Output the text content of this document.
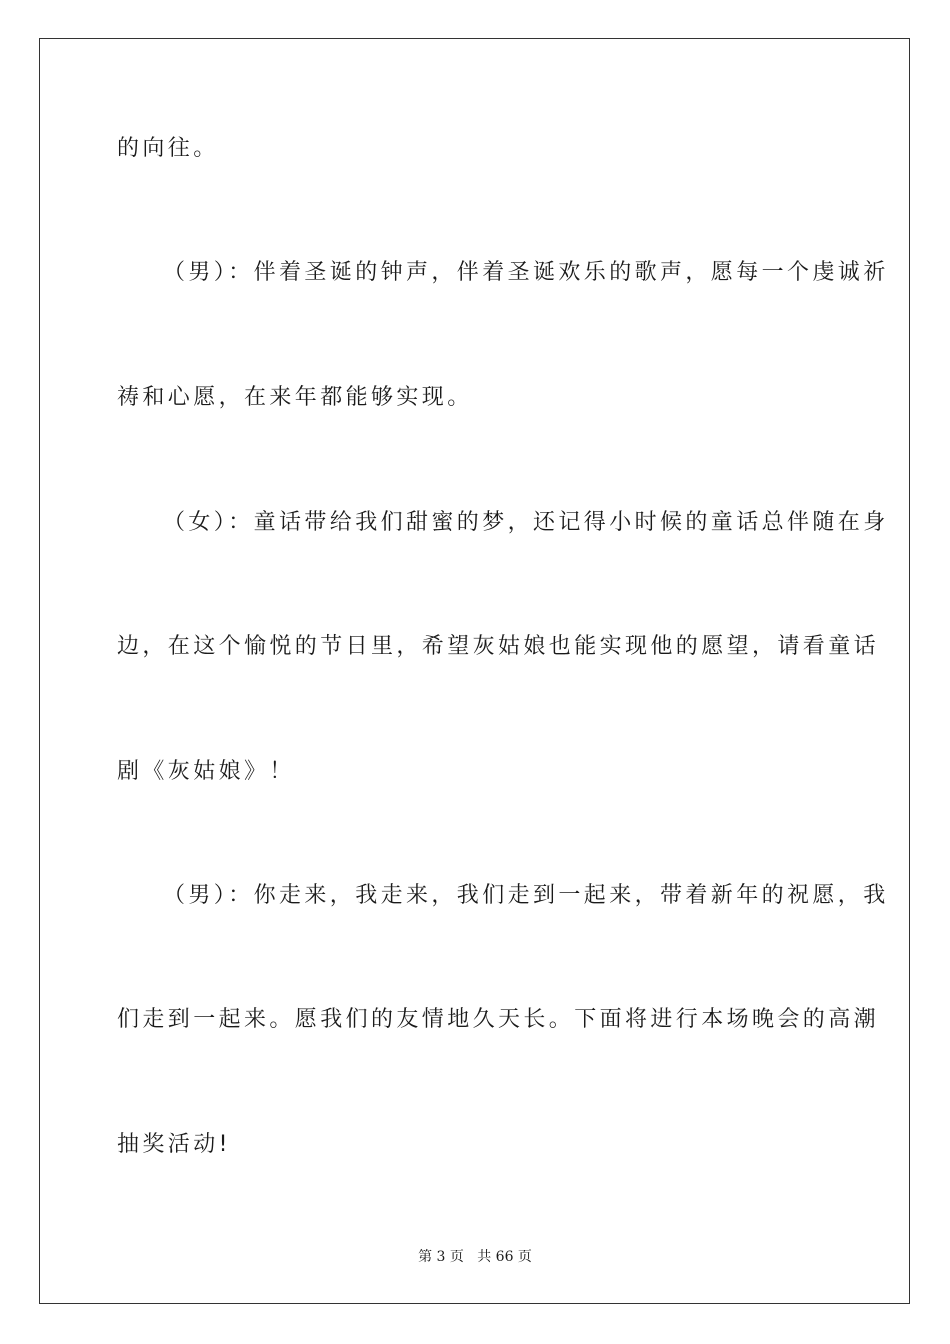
的向往。
（男）：伴着圣诞的钟声，伴着圣诞欢乐的歌声，愿每一个虔诚祈
祷和心愿，在来年都能够实现。
（女）：童话带给我们甜蜜的梦，还记得小时候的童话总伴随在身
边，在这个愉悦的节日里，希望灰姑娘也能实现他的愿望，请看童话
剧《灰姑娘》！
（男）：你走来，我走来，我们走到一起来，带着新年的祝愿，我
们走到一起来。愿我们的友情地久天长。下面将进行本场晚会的高潮
抽奖活动!
第 3 页   共 66 页
